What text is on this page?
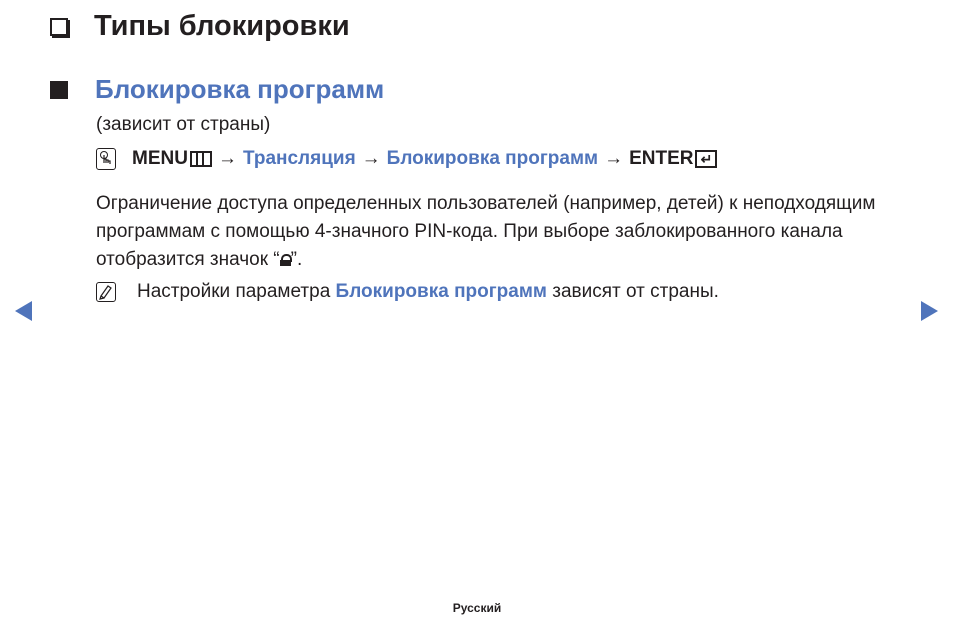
Типы блокировки
Блокировка программ
(зависит от страны)
MENU → Трансляция → Блокировка программ → ENTER ↵
Ограничение доступа определенных пользователей (например, детей) к неподходящим программам с помощью 4-значного PIN-кода. При выборе заблокированного канала отобразится значок “ ”.
Настройки параметра Блокировка программ зависят от страны.
Русский
